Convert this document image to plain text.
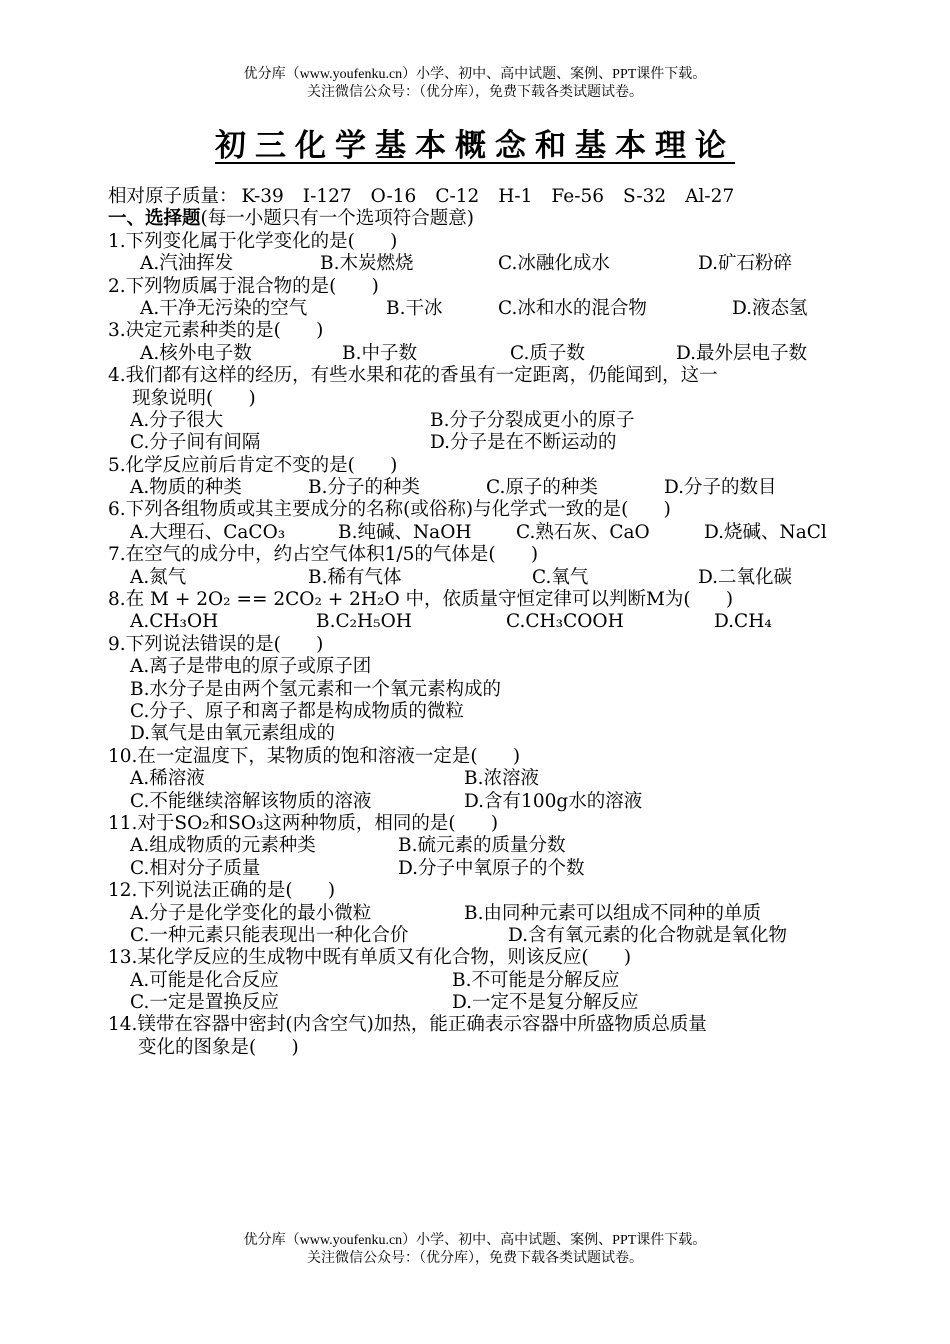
优分库（www.youfenku.cn）小学、初中、高中试题、案例、PPT课件下载。
关注微信公众号：（优分库），免费下载各类试题试卷。
初三化学基本概念和基本理论
相对原子质量： K-39 I-127 O-16 C-12 H-1 Fe-56 S-32 Al-27
一、选择题(每一小题只有一个选项符合题意)
1.下列变化属于化学变化的是(      )

A.汽油挥发

	B.木炭燃烧

	C.冰融化成水

	D.矿石粉碎

2.下列物质属于混合物的是(      )

A.干净无污染的空气

	B.干冰

	C.冰和水的混合物

	D.液态氢

3.决定元素种类的是(      )

A.核外电子数

	B.中子数

	C.质子数

	D.最外层电子数

4.我们都有这样的经历，有些水果和花的香虽有一定距离，仍能闻到，这一
现象说明(      )

A.分子很大

	B.分子分裂成更小的原子

C.分子间有间隔

	D.分子是在不断运动的

5.化学反应前后肯定不变的是(      )

A.物质的种类

	B.分子的种类

	C.原子的种类

	D.分子的数目

6.下列各组物质或其主要成分的名称(或俗称)与化学式一致的是(      )

A.大理石、CaCO₃

	B.纯碱、NaOH

C.熟石灰、CaO

	D.烧碱、NaCl

7.在空气的成分中，约占空气体积1/5的气体是(      )

A.氮气

	B.稀有气体

	C.氧气

	D.二氧化碳

8.在 M + 2O₂ == 2CO₂ + 2H₂O 中，依质量守恒定律可以判断M为(      )

A.CH₃OH

	B.C₂H₅OH

	C.CH₃COOH

	D.CH₄

9.下列说法错误的是(      )
A.离子是带电的原子或原子团
B.水分子是由两个氢元素和一个氧元素构成的
C.分子、原子和离子都是构成物质的微粒
D.氧气是由氧元素组成的
10.在一定温度下，某物质的饱和溶液一定是(      )

A.稀溶液

	B.浓溶液

C.不能继续溶解该物质的溶液

	D.含有100g水的溶液

11.对于SO₂和SO₃这两种物质，相同的是(      )

A.组成物质的元素种类

	B.硫元素的质量分数

C.相对分子质量

	D.分子中氧原子的个数

12.下列说法正确的是(      )

A.分子是化学变化的最小微粒

	B.由同种元素可以组成不同种的单质

C.一种元素只能表现出一种化合价

	D.含有氧元素的化合物就是氧化物

13.某化学反应的生成物中既有单质又有化合物，则该反应(      )

A.可能是化合反应

	B.不可能是分解反应

C.一定是置换反应

	D.一定不是复分解反应

14.镁带在容器中密封(内含空气)加热，能正确表示容器中所盛物质总质量
变化的图象是(      )
优分库（www.youfenku.cn）小学、初中、高中试题、案例、PPT课件下载。
关注微信公众号：（优分库），免费下载各类试题试卷。
